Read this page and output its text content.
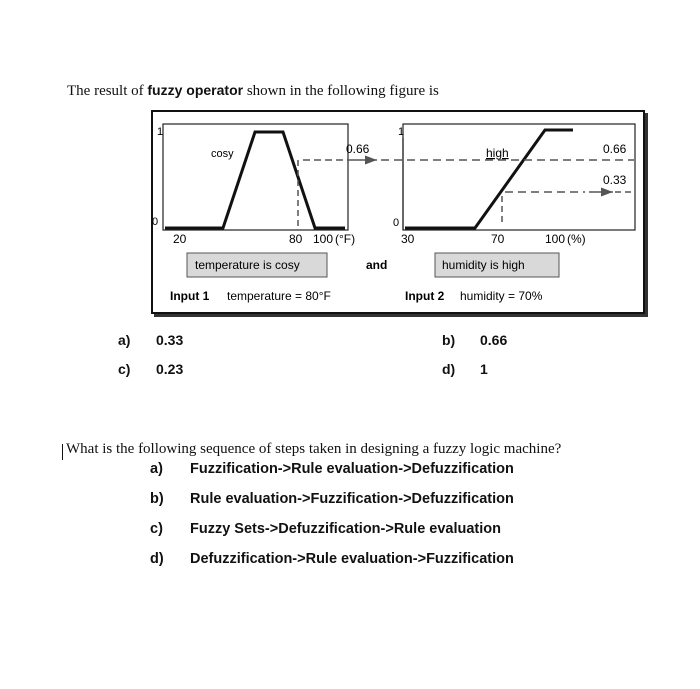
The result of fuzzy operator shown in the following figure is
1
0
cosy	0.66
20	80 100 (°F)
1
0
high	0.66
0.33
30	70	100 (%)
temperature is cosy	and	humidity is high
Input 1 temperature = 80°F	Input 2 humidity = 70%
a) 0.33	b) 0.66
c) 0.23	d) 1
What is the following sequence of steps taken in designing a fuzzy logic machine?
a) Fuzzification->Rule evaluation->Defuzzification
b) Rule evaluation->Fuzzification->Defuzzification
c) Fuzzy Sets->Defuzzification->Rule evaluation
d) Defuzzification->Rule evaluation->Fuzzification
